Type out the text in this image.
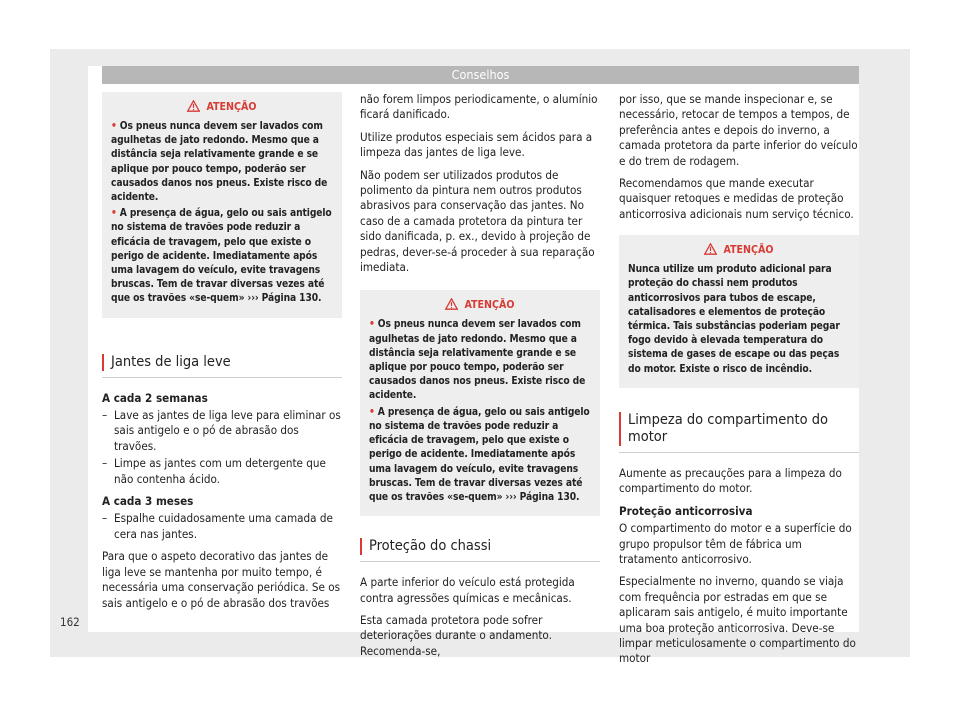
Conselhos
ATENÇÃO

• Os pneus nunca devem ser lavados com agulhetas de jato redondo. Mesmo que a distância seja relativamente grande e se aplique por pouco tempo, poderão ser causados danos nos pneus. Existe risco de acidente.

• A presença de água, gelo ou sais antigelo no sistema de travões pode reduzir a eficácia de travagem, pelo que existe o perigo de acidente. Imediatamente após uma lavagem do veículo, evite travagens bruscas. Tem de travar diversas vezes até que os travões «se-quem» ››› Página 130.

Jantes de liga leve

A cada 2 semanas

– Lave as jantes de liga leve para eliminar os sais antigelo e o pó de abrasão dos travões.
– Limpe as jantes com um detergente que não contenha ácido.

A cada 3 meses

– Espalhe cuidadosamente uma camada de cera nas jantes.

Para que o aspeto decorativo das jantes de liga leve se mantenha por muito tempo, é necessária uma conservação periódica. Se os sais antigelo e o pó de abrasão dos travões

não forem limpos periodicamente, o alumínio ficará danificado.

Utilize produtos especiais sem ácidos para a limpeza das jantes de liga leve.

Não podem ser utilizados produtos de polimento da pintura nem outros produtos abrasivos para conservação das jantes. No caso de a camada protetora da pintura ter sido danificada, p. ex., devido à projeção de pedras, dever-se-á proceder à sua reparação imediata.

ATENÇÃO

• Os pneus nunca devem ser lavados com agulhetas de jato redondo. Mesmo que a distância seja relativamente grande e se aplique por pouco tempo, poderão ser causados danos nos pneus. Existe risco de acidente.

• A presença de água, gelo ou sais antigelo no sistema de travões pode reduzir a eficácia de travagem, pelo que existe o perigo de acidente. Imediatamente após uma lavagem do veículo, evite travagens bruscas. Tem de travar diversas vezes até que os travões «se-quem» ››› Página 130.

Proteção do chassi

A parte inferior do veículo está protegida contra agressões químicas e mecânicas.

Esta camada protetora pode sofrer deteriorações durante o andamento. Recomenda-se,

por isso, que se mande inspecionar e, se necessário, retocar de tempos a tempos, de preferência antes e depois do inverno, a camada protetora da parte inferior do veículo e do trem de rodagem.

Recomendamos que mande executar quaisquer retoques e medidas de proteção anticorrosiva adicionais num serviço técnico.

ATENÇÃO

Nunca utilize um produto adicional para proteção do chassi nem produtos anticorrosivos para tubos de escape, catalisadores e elementos de proteção térmica. Tais substâncias poderiam pegar fogo devido à elevada temperatura do sistema de gases de escape ou das peças do motor. Existe o risco de incêndio.

Limpeza do compartimento do motor

Aumente as precauções para a limpeza do compartimento do motor.

Proteção anticorrosiva

O compartimento do motor e a superfície do grupo propulsor têm de fábrica um tratamento anticorrosivo.

Especialmente no inverno, quando se viaja com frequência por estradas em que se aplicaram sais antigelo, é muito importante uma boa proteção anticorrosiva. Deve-se limpar meticulosamente o compartimento do motor

162
